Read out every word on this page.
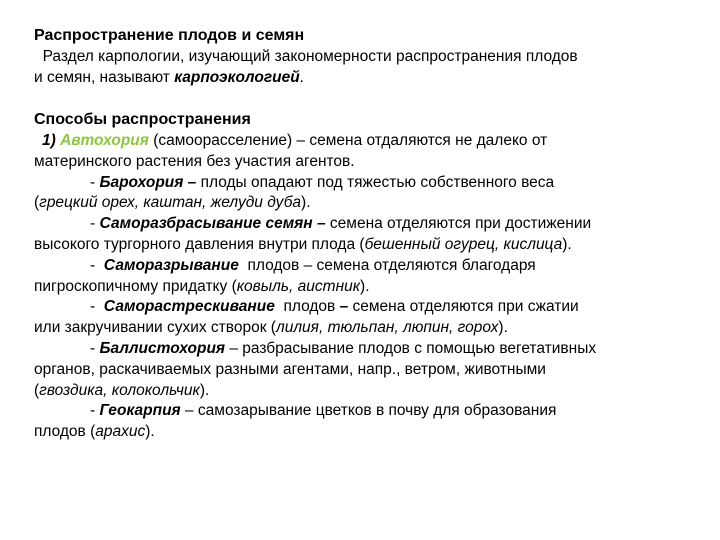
Распространение плодов и семян

Раздел карпологии, изучающий закономерности распространения плодов
и семян, называют карпоэкологией.

Способы распространения

1) Автохория (самоорасселение) – семена отдаляются не далеко от
материнского растения без участия агентов.
- Барохория – плоды опадают под тяжестью собственного веса
(грецкий орех, каштан, желуди дуба).
- Саморазбрасывание семян – семена отделяются при достижении
высокого тургорного давления внутри плода (бешенный огурец, кислица).
-  Саморазрывание  плодов – семена отделяются благодаря
пигроскопичному придатку (ковыль, аистник).
-  Саморастрескивание  плодов – семена отделяются при сжатии
или закручивании сухих створок (лилия, тюльпан, люпин, горох).
- Баллистохория – разбрасывание плодов с помощью вегетативных
органов, раскачиваемых разными агентами, напр., ветром, животными
(гвоздика, колокольчик).
- Геокарпия – самозарывание цветков в почву для образования
плодов (арахис).
